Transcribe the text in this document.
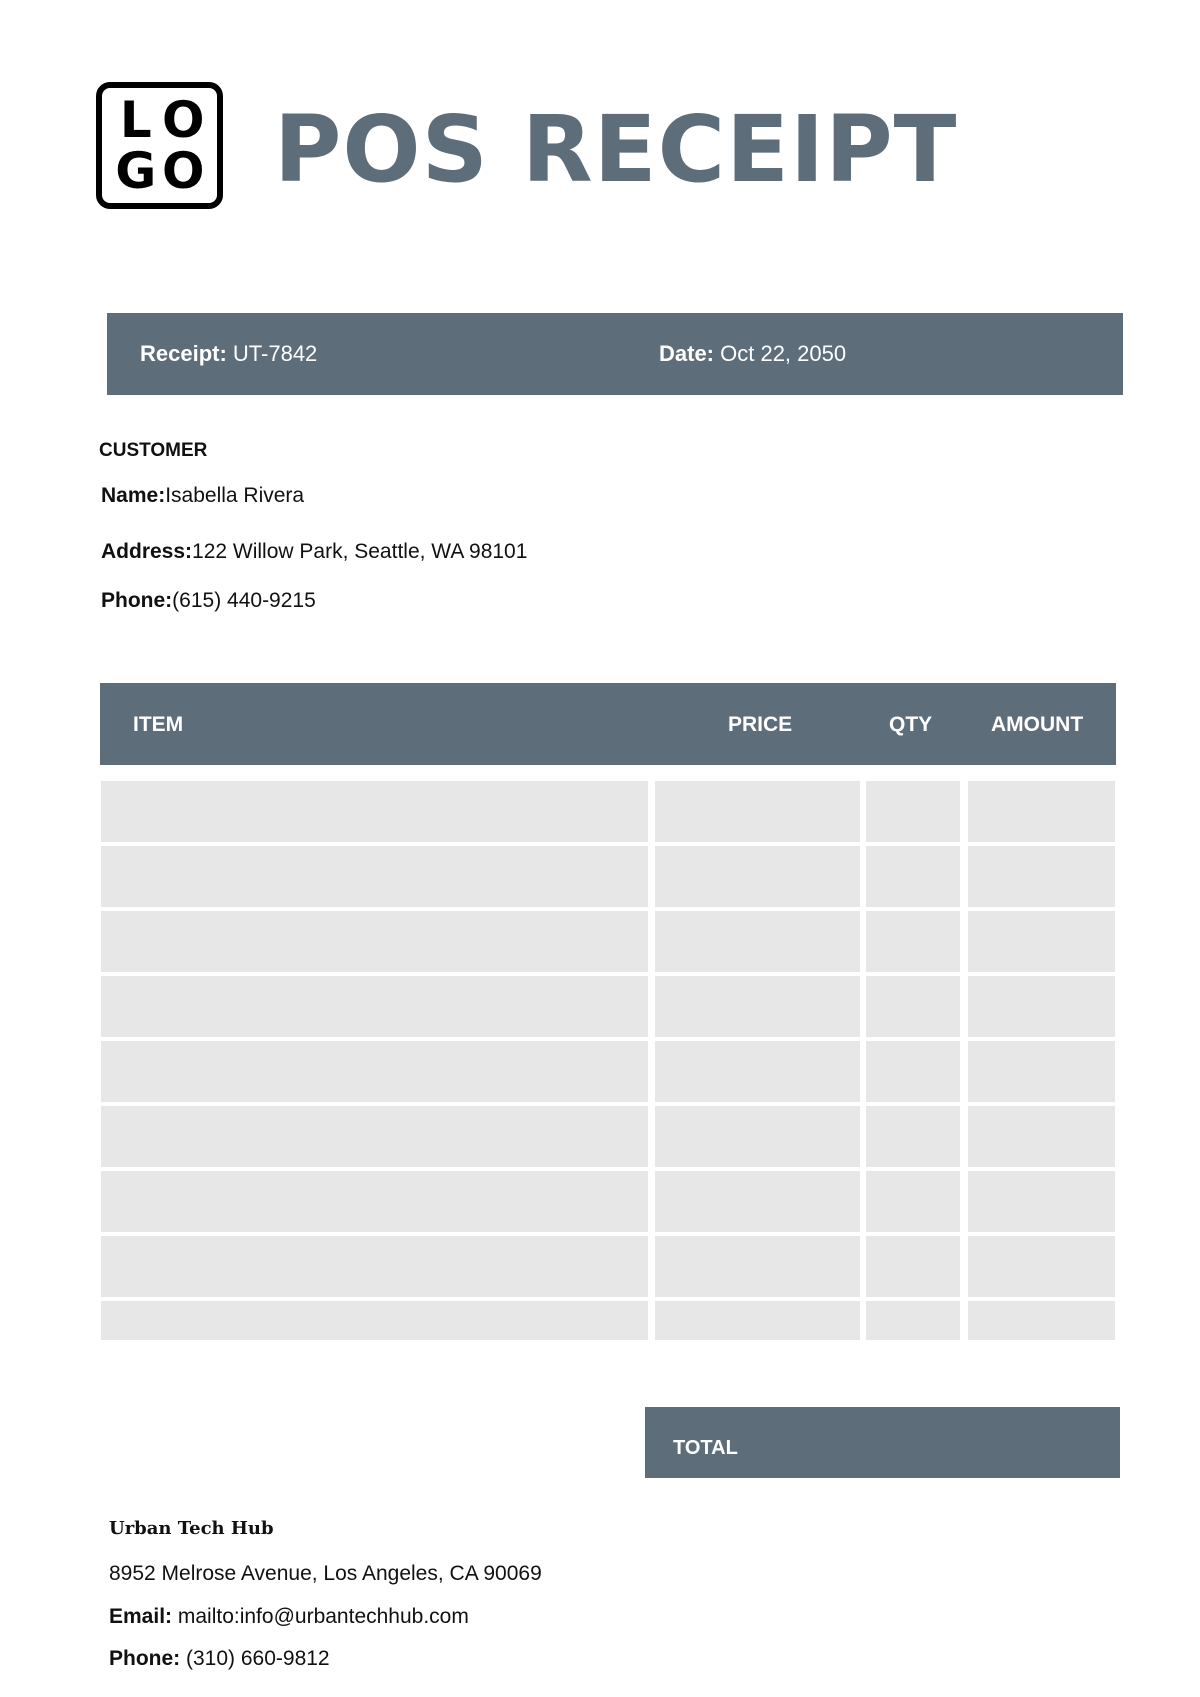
L O
G O POS RECEIPT
Receipt: UT-7842	Date: Oct 22, 2050
CUSTOMER
Name:Isabella Rivera
Address:122 Willow Park, Seattle, WA 98101
Phone:(615) 440-9215
ITEM	PRICE	QTY	AMOUNT
TOTAL
Urban Tech Hub
8952 Melrose Avenue, Los Angeles, CA 90069
Email: mailto:info@urbantechhub.com
Phone: (310) 660-9812
